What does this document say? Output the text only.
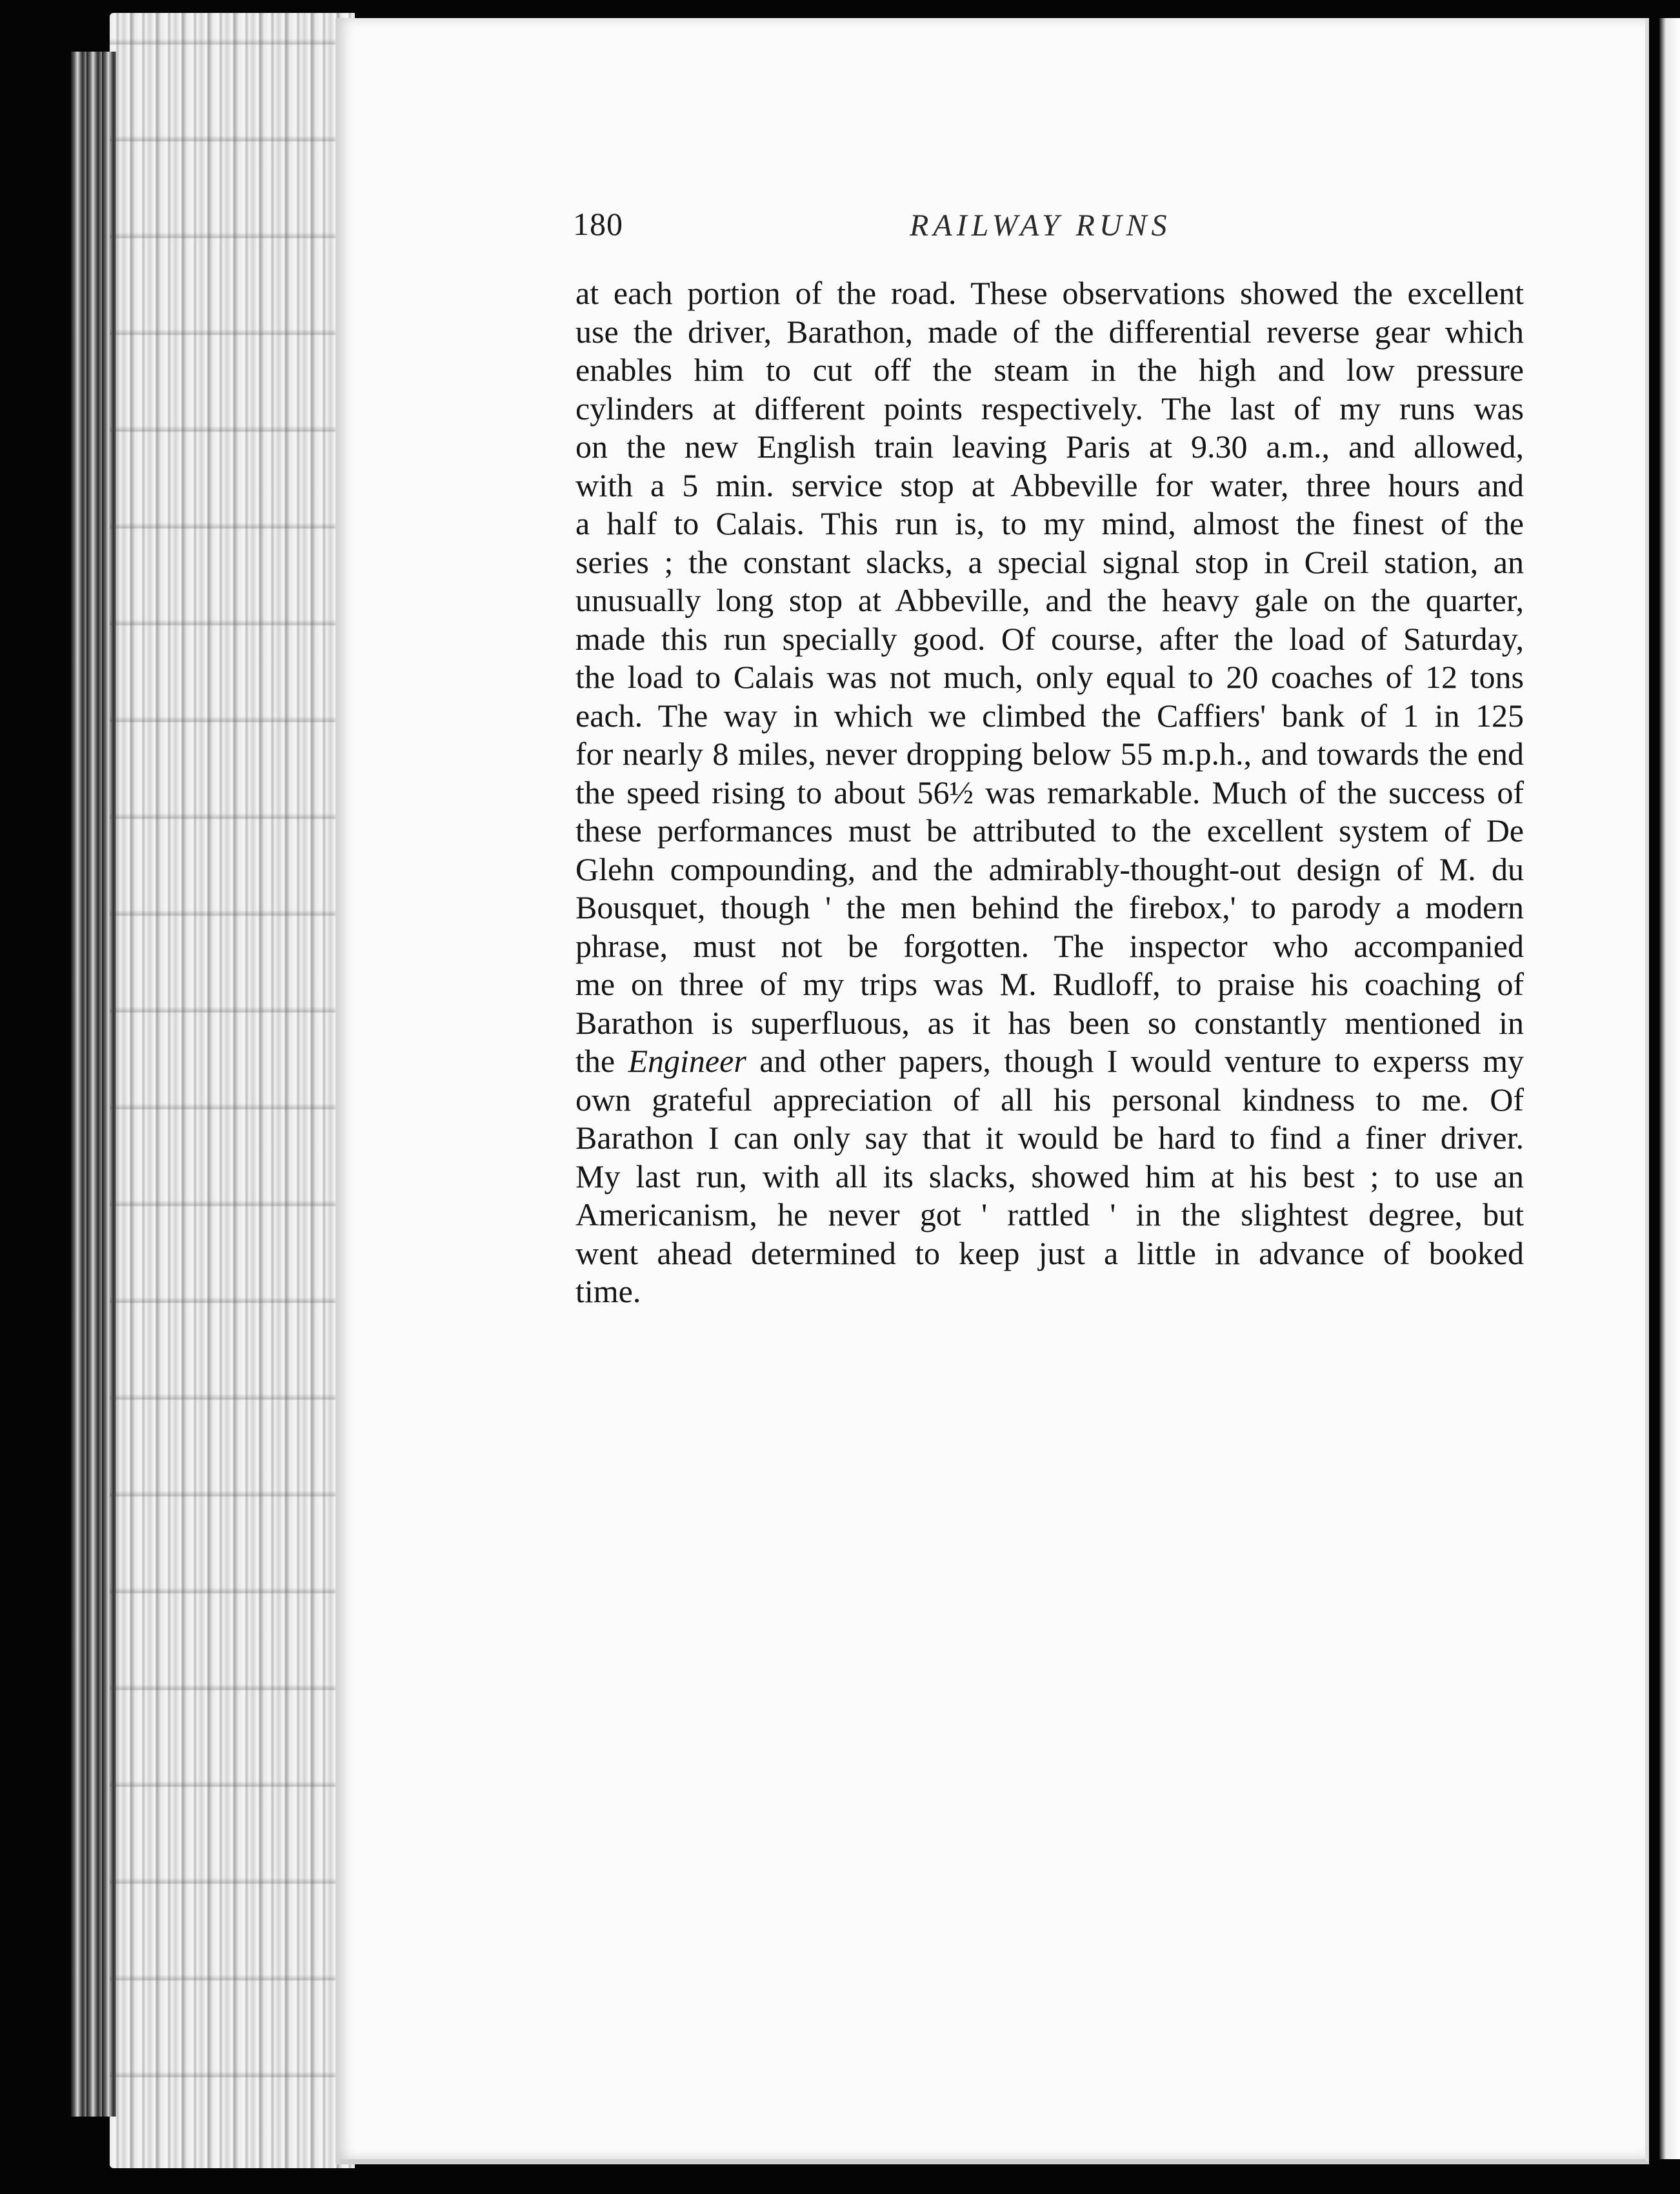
180	RAILWAY RUNS
at each portion of the road. These observations showed the excellent
use the driver, Barathon, made of the differential reverse gear which
enables him to cut off the steam in the high and low pressure
cylinders at different points respectively. The last of my runs was
on the new English train leaving Paris at 9.30 a.m., and allowed,
with a 5 min. service stop at Abbeville for water, three hours and
a half to Calais. This run is, to my mind, almost the finest of the
series ; the constant slacks, a special signal stop in Creil station, an
unusually long stop at Abbeville, and the heavy gale on the quarter,
made this run specially good. Of course, after the load of Saturday,
the load to Calais was not much, only equal to 20 coaches of 12 tons
each. The way in which we climbed the Caffiers' bank of 1 in 125
for nearly 8 miles, never dropping below 55 m.p.h., and towards the end
the speed rising to about 56½ was remarkable. Much of the success of
these performances must be attributed to the excellent system of De
Glehn compounding, and the admirably-thought-out design of M. du
Bousquet, though ' the men behind the firebox,' to parody a modern
phrase, must not be forgotten. The inspector who accompanied
me on three of my trips was M. Rudloff, to praise his coaching of
Barathon is superfluous, as it has been so constantly mentioned in
the Engineer and other papers, though I would venture to experss my
own grateful appreciation of all his personal kindness to me. Of
Barathon I can only say that it would be hard to find a finer driver.
My last run, with all its slacks, showed him at his best ; to use an
Americanism, he never got ' rattled ' in the slightest degree, but
went ahead determined to keep just a little in advance of booked
time.
